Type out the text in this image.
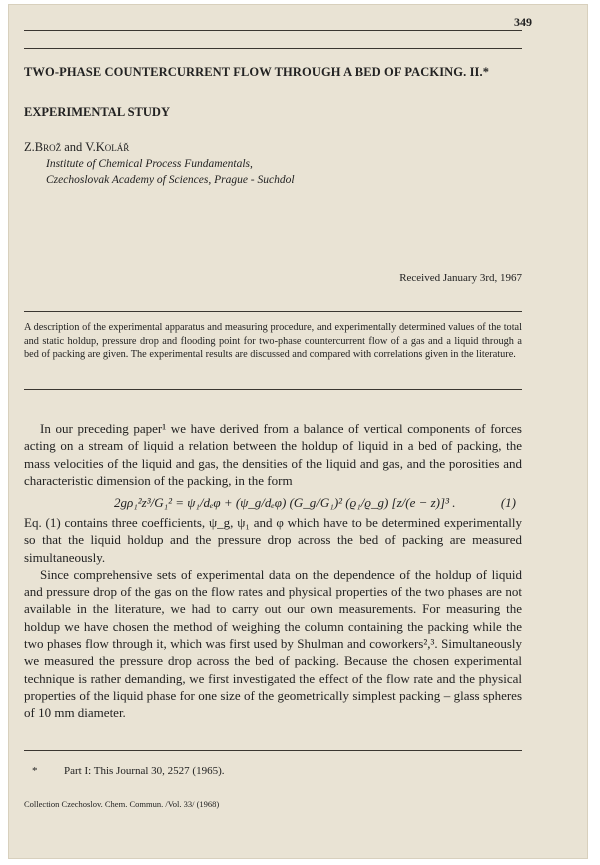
349
TWO-PHASE COUNTERCURRENT FLOW THROUGH A BED OF PACKING. II.*
EXPERIMENTAL STUDY
Z.Brož and V.Kolář
Institute of Chemical Process Fundamentals,
Czechoslovak Academy of Sciences, Prague - Suchdol
Received January 3rd, 1967
A description of the experimental apparatus and measuring procedure, and experimentally determined values of the total and static holdup, pressure drop and flooding point for two-phase countercurrent flow of a gas and a liquid through a bed of packing are given. The experimental results are discussed and compared with correlations given in the literature.

In our preceding paper¹ we have derived from a balance of vertical components of forces acting on a stream of liquid a relation between the holdup of liquid in a bed of packing, the mass velocities of the liquid and gas, the densities of the liquid and gas, and the porosities and characteristic dimension of the packing, in the form

2gρ₁²z³/G₁² = ψ₁/dₑφ + (ψ_g/dₑφ) (G_g/G₁)² (ϱ₁/ϱ_g) [z/(e − z)]³ .	(1)

Eq. (1) contains three coefficients, ψ_g, ψ₁ and φ which have to be determined experimentally so that the liquid holdup and the pressure drop across the bed of packing are measured simultaneously.

Since comprehensive sets of experimental data on the dependence of the holdup of liquid and pressure drop of the gas on the flow rates and physical properties of the two phases are not available in the literature, we had to carry out our own measurements. For measuring the holdup we have chosen the method of weighing the column containing the packing while the two phases flow through it, which was first used by Shulman and coworkers²,³. Simultaneously we measured the pressure drop across the bed of packing. Because the chosen experimental technique is rather demanding, we first investigated the effect of the flow rate and the physical properties of the liquid phase for one size of the geometrically simplest packing – glass spheres of 10 mm diameter.

* Part I: This Journal 30, 2527 (1965).
Collection Czechoslov. Chem. Commun. /Vol. 33/ (1968)
